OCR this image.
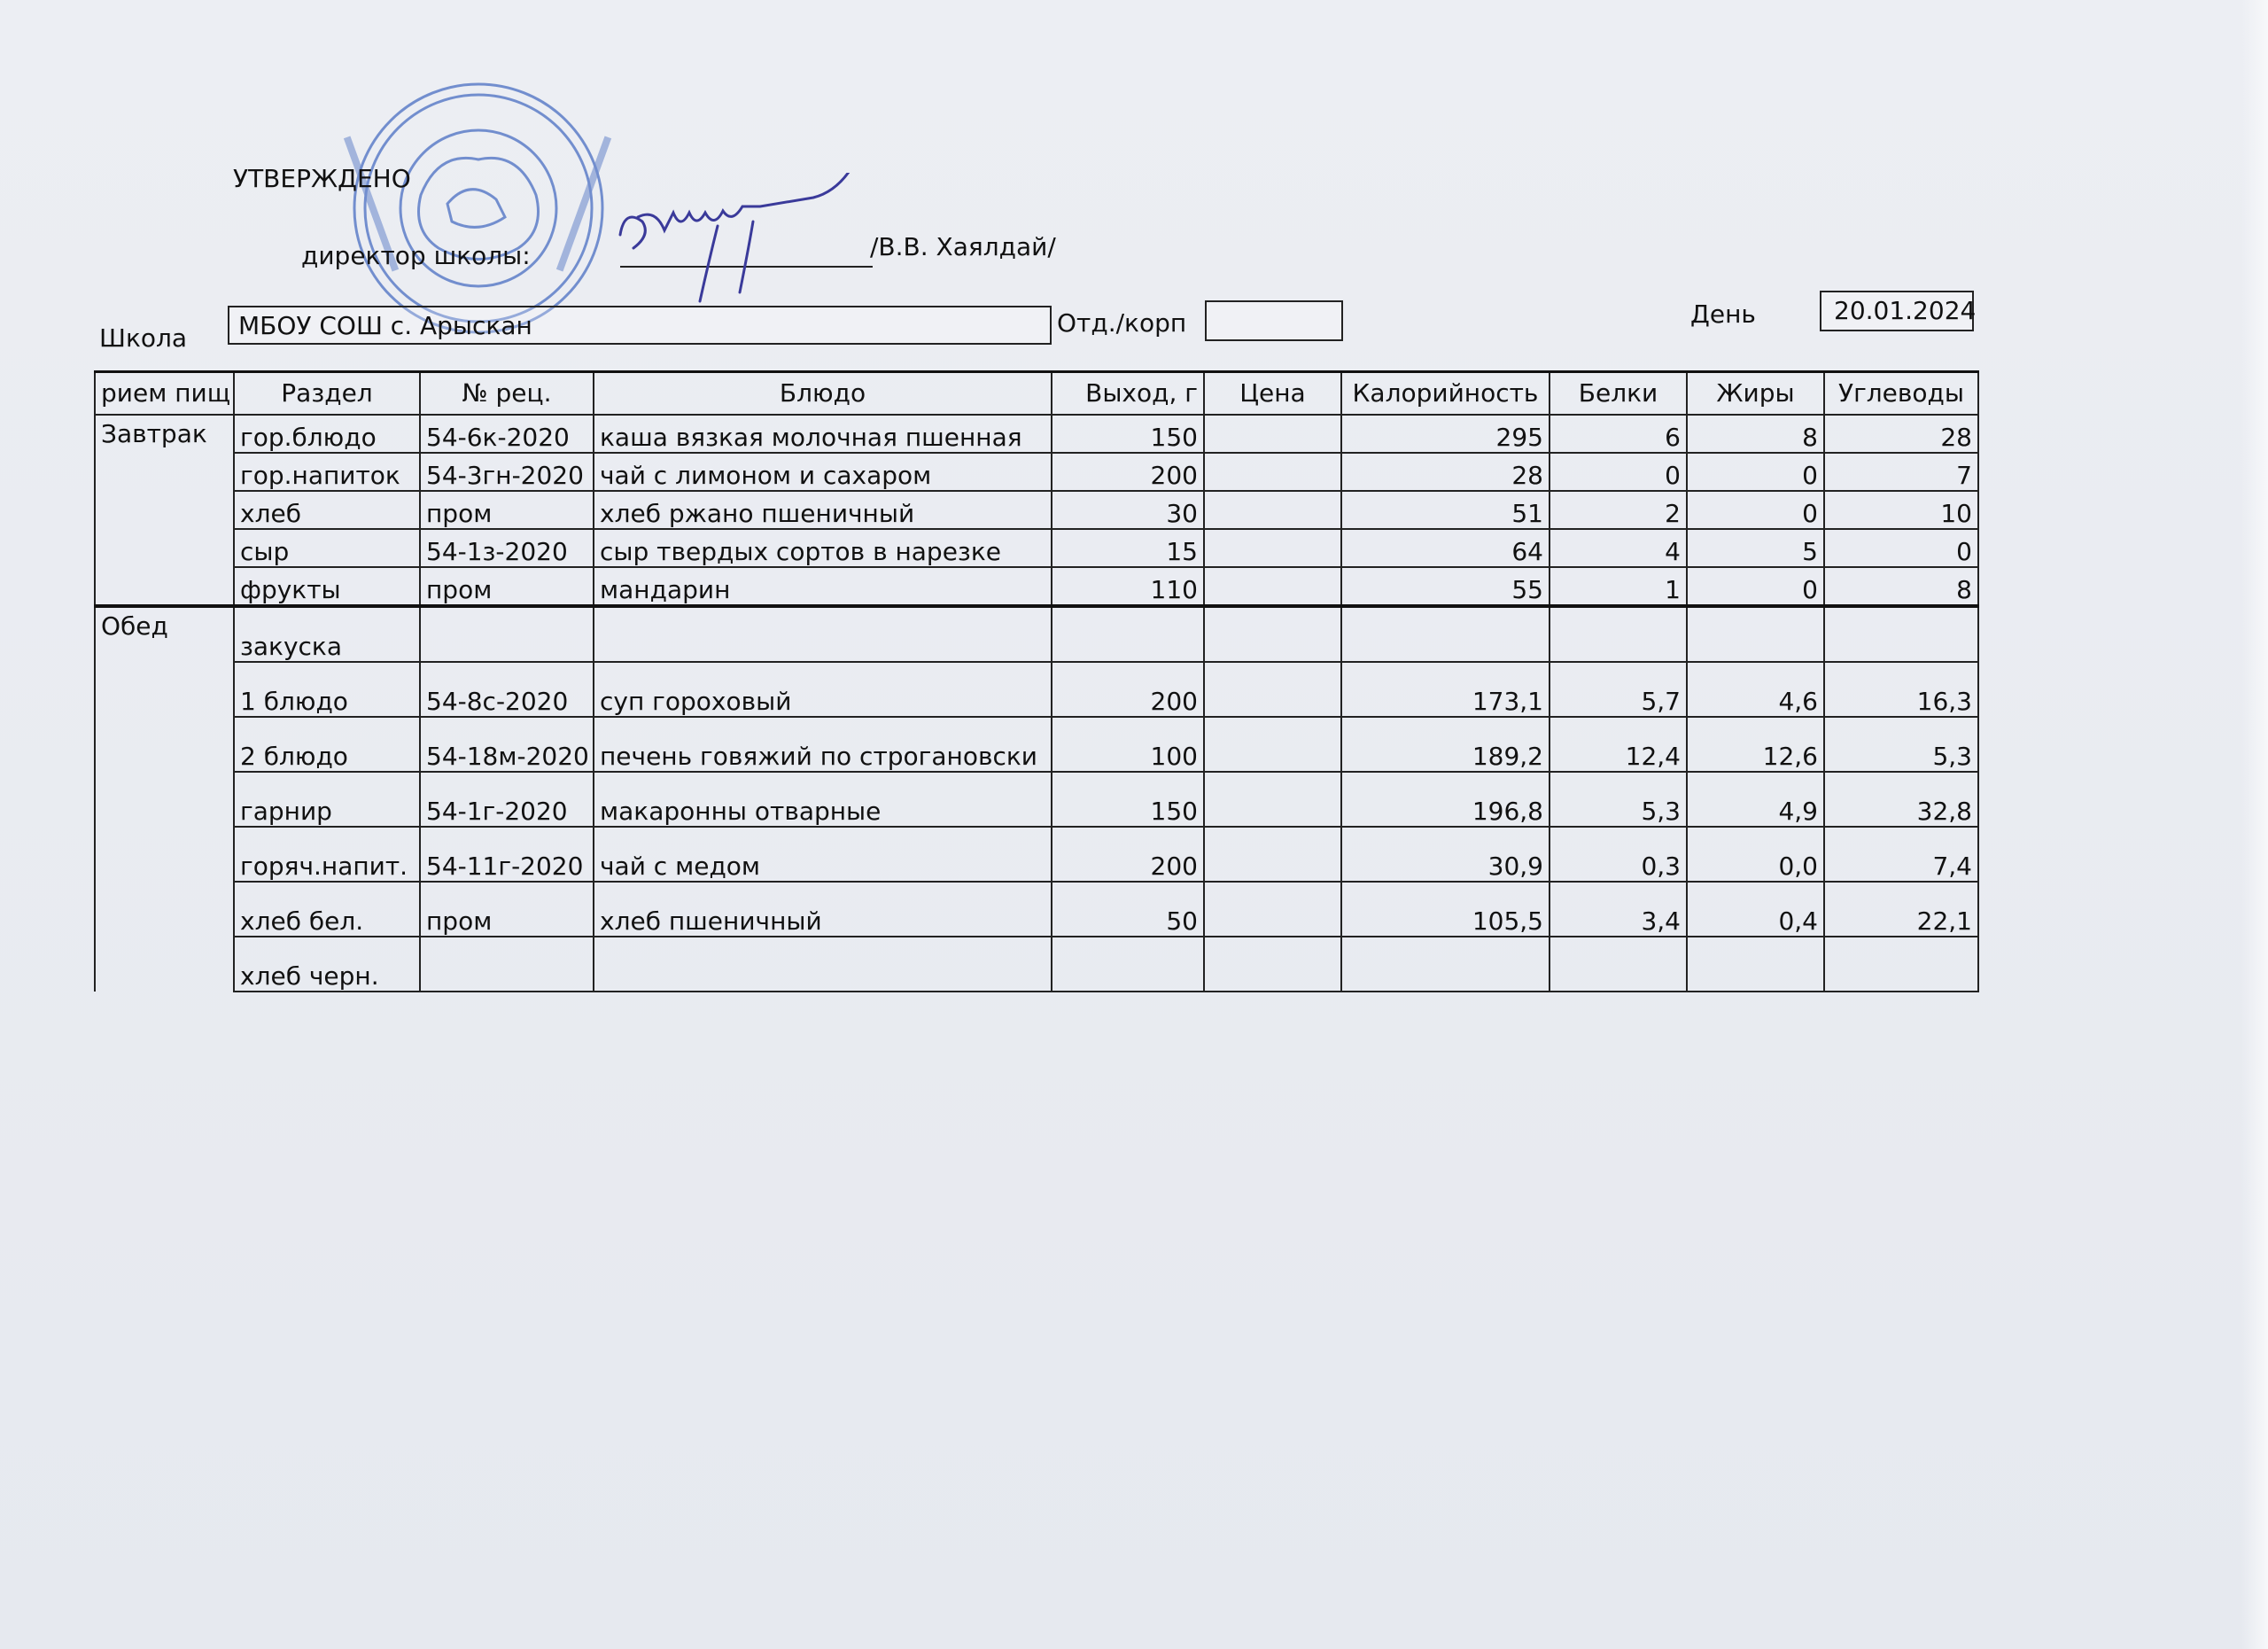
УТВЕРЖДЕНО
директор школы:	/В.В. Хаялдай/
Школа МБОУ СОШ с. Арыскан	Отд./корп	День	20.01.2024
рием пищ	Раздел	№ рец.	Блюдо	Выход, г	Цена	Калорийность	Белки	Жиры	Углеводы
Завтрак	гор.блюдо	54-6к-2020	каша вязкая молочная пшенная	150		295	6	8	28
	гор.напиток	54-3гн-2020	чай с лимоном и сахаром	200		28	0	0	7
	хлеб	пром	хлеб ржано пшеничный	30		51	2	0	10
	сыр	54-1з-2020	сыр твердых сортов в нарезке	15		64	4	5	0
	фрукты	пром	мандарин	110		55	1	0	8
Обед	закуска								
	1 блюдо	54-8с-2020	суп гороховый	200		173,1	5,7	4,6	16,3
	2 блюдо	54-18м-2020	печень говяжий по строгановски	100		189,2	12,4	12,6	5,3
	гарнир	54-1г-2020	макаронны отварные	150		196,8	5,3	4,9	32,8
	горяч.напит.	54-11г-2020	чай с медом	200		30,9	0,3	0,0	7,4
	хлеб бел.	пром	хлеб пшеничный	50		105,5	3,4	0,4	22,1
	хлеб черн.								
